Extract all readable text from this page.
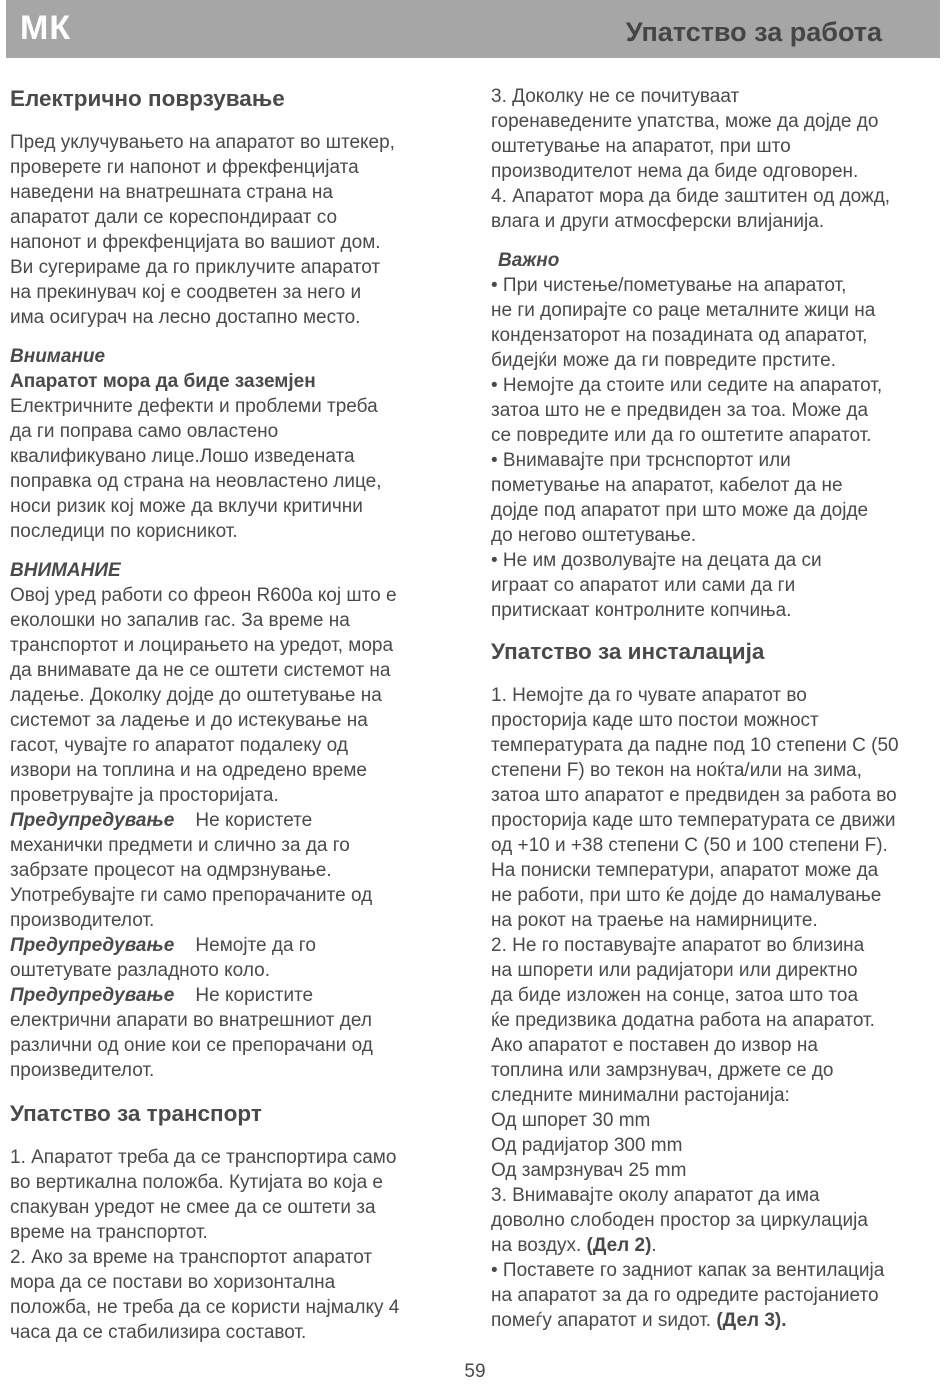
МК	Упатство за работа
Електрично поврзување

Пред уклучувањето на апаратот во штекер,

проверете ги напонот и фрекфенцијата

наведени на внатрешната страна на

апаратот дали се кореспондираат со

напонот и фрекфенцијата во вашиот дом.

Ви сугерираме да го приклучите апаратот

на прекинувач кој е соодветен за него и

има осигурач на лесно достапно место.

Внимание

Апаратот мора да биде заземјен

Електричните дефекти и проблеми треба

да ги поправа само овластено

квалификувано лице.Лошо изведената

поправка од страна на неовластено лице,

носи ризик кој може да вклучи критични

последици по корисникот.

ВНИМАНИЕ

Овој уред работи со фреон R600a кој што е

еколошки но запалив гас. За време на

транспортот и лоцирањето на уредот, мора

да внимавате да не се оштети системот на

ладење. Доколку дојде до оштетување на

системот за ладење и до истекување на

гасот, чувајте го апаратот подалеку од

извори на топлина и на одредено време

проветрувајте ја просторијата.

Предупредување Не користете

механички предмети и слично за да го

забрзате процесот на одмрзнување.

Употребувајте ги само препорачаните од

производителот.

Предупредување Немојте да го

оштетувате разладното коло.

Предупредување Не користите

електрични апарати во внатрешниот дел

различни од оние кои се препорачани од

произведителот.

Упатство за транспорт

1. Апаратот треба да се транспортира само

во вертикална положба. Кутијата во која е

спакуван уредот не смее да се оштети за

време на транспортот.

2. Ако за време на транспортот апаратот

мора да се постави во хоризонтална

положба, не треба да се користи најмалку 4

часа да се стабилизира составот.

3. Доколку не се почитуваат

горенаведените упатства, може да дојде до

оштетување на апаратот, при што

производителот нема да биде одговорен.

4. Апаратот мора да биде заштитен од дожд,

влага и други атмосферски влијанија.

Важно

• При чистење/пометување на апаратот,

не ги допирајте со раце металните жици на

кондензаторот на позадината од апаратот,

бидејќи може да ги повредите прстите.

• Немојте да стоите или седите на апаратот,

затоа што не е предвиден за тоа. Може да

се повредите или да го оштетите апаратот.

• Внимавајте при трснспортот или

пометување на апаратот, кабелот да не

дојде под апаратот при што може да дојде

до негово оштетување.

• Не им дозволувајте на децата да си

играат со апаратот или сами да ги

притискаат контролните копчиња.

Упатство за инсталација

1. Немојте да го чувате апаратот во

просторија каде што постои можност

температурата да падне под 10 степени C (50

степени F) во текон на ноќта/или на зима,

затоа што апаратот е предвиден за работа во

просторија каде што температурата се движи

од +10 и +38 степени C (50 и 100 степени F).

На пониски температури, апаратот може да

не работи, при што ќе дојде до намалување

на рокот на траење на намирниците.

2. Не го поставувајте апаратот во близина

на шпорети или радијатори или директно

да биде изложен на сонце, затоа што тоа

ќе предизвика додатна работа на апаратот.

Ако апаратот е поставен до извор на

топлина или замрзнувач, држете се до

следните минимални растојанија:

Од шпорет 30 mm

Од радијатор 300 mm

Од замрзнувач 25 mm

3. Внимавајте околу апаратот да има

доволно слободен простор за циркулација

на воздух. (Дел 2).

• Поставете го задниот капак за вентилација

на апаратот за да го одредите растојанието

помеѓу апаратот и sидот. (Дел 3).

59
